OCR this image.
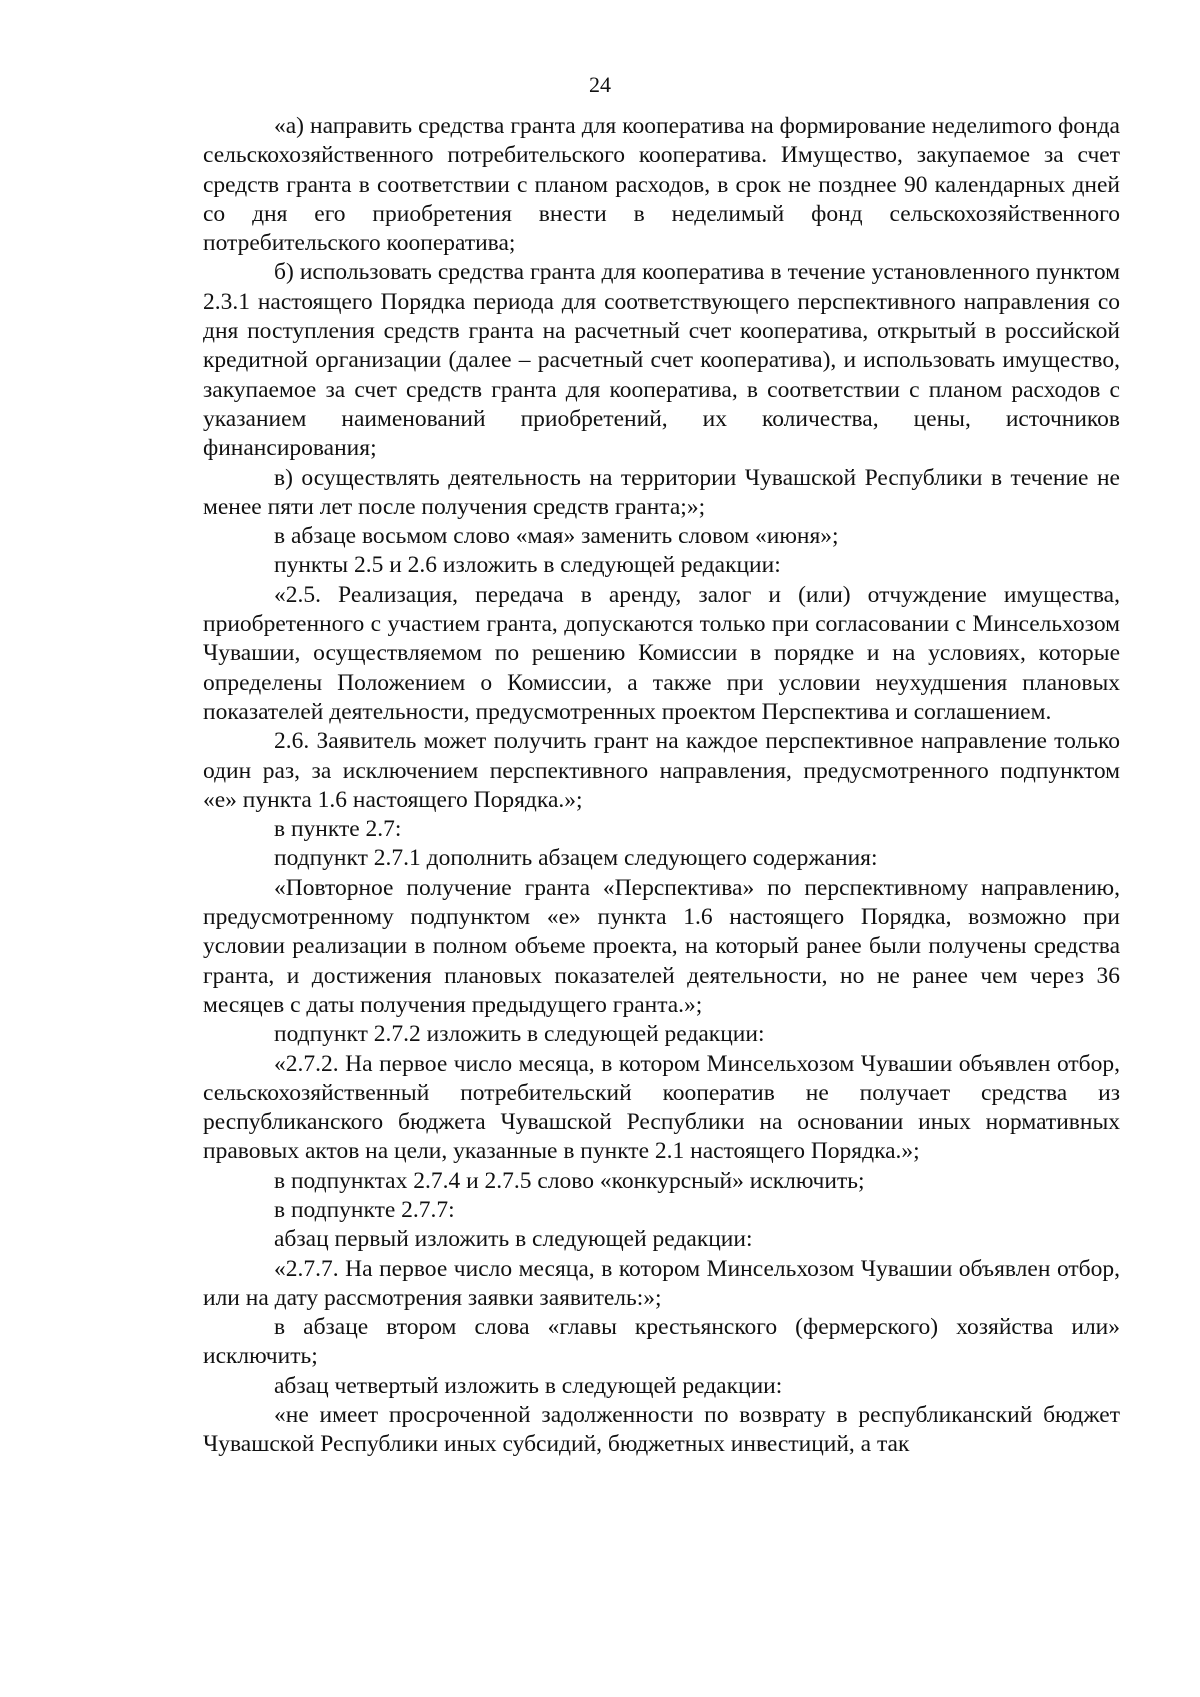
24

«а) направить средства гранта для кооператива на формирование неделиmого фонда сельскохозяйственного потребительского кооператива. Имущество, закупаемое за счет средств гранта в соответствии с планом расходов, в срок не позднее 90 календарных дней со дня его приобретения внести в неделимый фонд сельскохозяйственного потребительского кооператива;

б) использовать средства гранта для кооператива в течение установленного пунктом 2.3.1 настоящего Порядка периода для соответствующего перспективного направления со дня поступления средств гранта на расчетный счет кооператива, открытый в российской кредитной организации (далее – расчетный счет кооператива), и использовать имущество, закупаемое за счет средств гранта для кооператива, в соответствии с планом расходов с указанием наименований приобретений, их количества, цены, источников финансирования;

в) осуществлять деятельность на территории Чувашской Республики в течение не менее пяти лет после получения средств гранта;»;

в абзаце восьмом слово «мая» заменить словом «июня»;

пункты 2.5 и 2.6 изложить в следующей редакции:

«2.5. Реализация, передача в аренду, залог и (или) отчуждение имущества, приобретенного с участием гранта, допускаются только при согласовании с Минсельхозом Чувашии, осуществляемом по решению Комиссии в порядке и на условиях, которые определены Положением о Комиссии, а также при условии неухудшения плановых показателей деятельности, предусмотренных проектом Перспектива и соглашением.

2.6. Заявитель может получить грант на каждое перспективное направление только один раз, за исключением перспективного направления, предусмотренного подпунктом «е» пункта 1.6 настоящего Порядка.»;

в пункте 2.7:

подпункт 2.7.1 дополнить абзацем следующего содержания:

«Повторное получение гранта «Перспектива» по перспективному направлению, предусмотренному подпунктом «е» пункта 1.6 настоящего Порядка, возможно при условии реализации в полном объеме проекта, на который ранее были получены средства гранта, и достижения плановых показателей деятельности, но не ранее чем через 36 месяцев с даты получения предыдущего гранта.»;

подпункт 2.7.2 изложить в следующей редакции:

«2.7.2. На первое число месяца, в котором Минсельхозом Чувашии объявлен отбор, сельскохозяйственный потребительский кооператив не получает средства из республиканского бюджета Чувашской Республики на основании иных нормативных правовых актов на цели, указанные в пункте 2.1 настоящего Порядка.»;

в подпунктах 2.7.4 и 2.7.5 слово «конкурсный» исключить;

в подпункте 2.7.7:

абзац первый изложить в следующей редакции:

«2.7.7. На первое число месяца, в котором Минсельхозом Чувашии объявлен отбор, или на дату рассмотрения заявки заявитель:»;

в абзаце втором слова «главы крестьянского (фермерского) хозяйства или» исключить;

абзац четвертый изложить в следующей редакции:

«не имеет просроченной задолженности по возврату в республиканский бюджет Чувашской Республики иных субсидий, бюджетных инвестиций, а так
